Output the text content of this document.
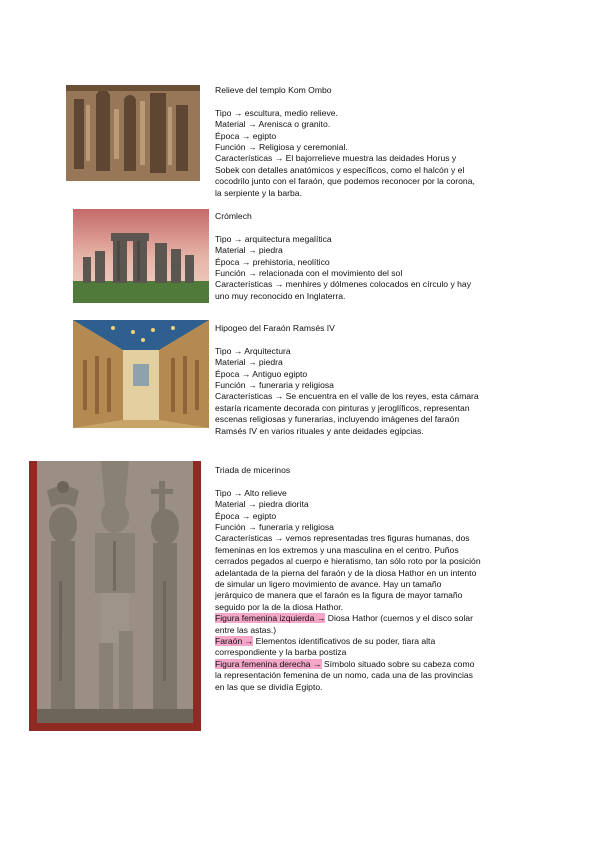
Relieve del templo Kom Ombo

Tipo → escultura, medio relieve.

Material → Arenisca o granito.

Época → egipto

Función → Religiosa y ceremonial.

Características → El bajorrelieve muestra las deidades Horus y

Sobek con detalles anatómicos y específicos, como el halcón y el

cocodrilo junto con el faraón, que podemos reconocer por la corona,

la serpiente y la barba.

Crómlech

Tipo → arquitectura megalítica

Material → piedra

Época → prehistoria, neolítico

Función → relacionada con el movimiento del sol

Características → menhires y dólmenes colocados en círculo y hay

uno muy reconocido en Inglaterra.

Hipogeo del Faraón Ramsés IV

Tipo → Arquitectura

Material → piedra

Época → Antiguo egipto

Función → funeraria y religiosa

Características → Se encuentra en el valle de los reyes, esta cámara

estaría ricamente decorada con pinturas y jeroglíficos, representan

escenas religiosas y funerarias, incluyendo imágenes del faraón

Ramsés IV en varios rituales y ante deidades egipcias.

Triada de micerinos

Tipo → Alto relieve

Material → piedra diorita

Época → egipto

Función → funeraria y religiosa

Características → vemos representadas tres figuras humanas, dos

femeninas en los extremos y una masculina en el centro. Puños

cerrados pegados al cuerpo e hieratismo, tan sólo roto por la posición

adelantada de la pierna del faraón y de la diosa Hathor en un intento

de simular un ligero movimiento de avance. Hay un tamaño

jerárquico de manera que el faraón es la figura de mayor tamaño

seguido por la de la diosa Hathor.

Figura femenina izquierda → Diosa Hathor (cuernos y el disco solar

entre las astas.)

Faraón → Elementos identificativos de su poder, tiara alta

correspondiente y la barba postiza

Figura femenina derecha → Símbolo situado sobre su cabeza como

la representación femenina de un nomo, cada una de las provincias

en las que se dividía Egipto.
